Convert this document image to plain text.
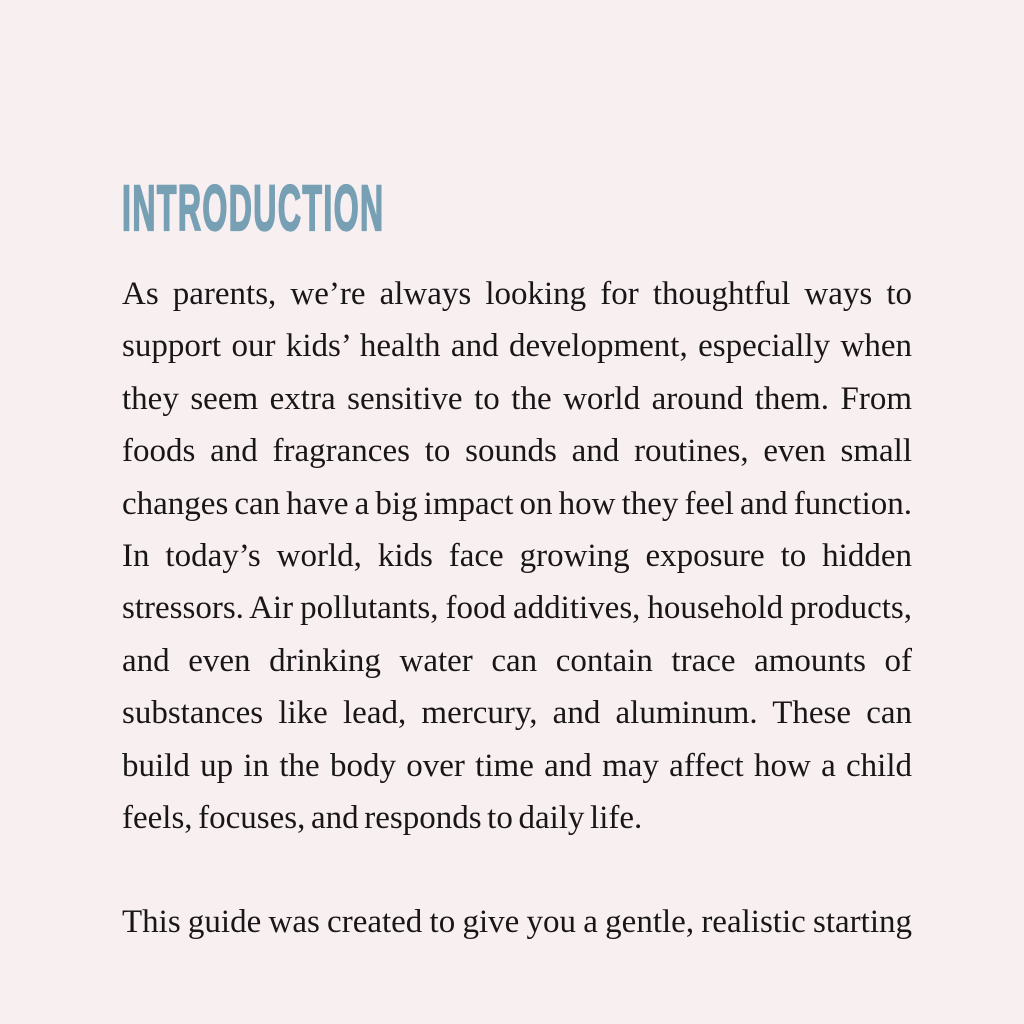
INTRODUCTION
As parents, we’re always looking for thoughtful ways to
support our kids’ health and development, especially when
they seem extra sensitive to the world around them. From
foods and fragrances to sounds and routines, even small
changes can have a big impact on how they feel and function.
In today’s world, kids face growing exposure to hidden
stressors. Air pollutants, food additives, household products,
and even drinking water can contain trace amounts of
substances like lead, mercury, and aluminum. These can
build up in the body over time and may affect how a child
feels, focuses, and responds to daily life.
This guide was created to give you a gentle, realistic starting
